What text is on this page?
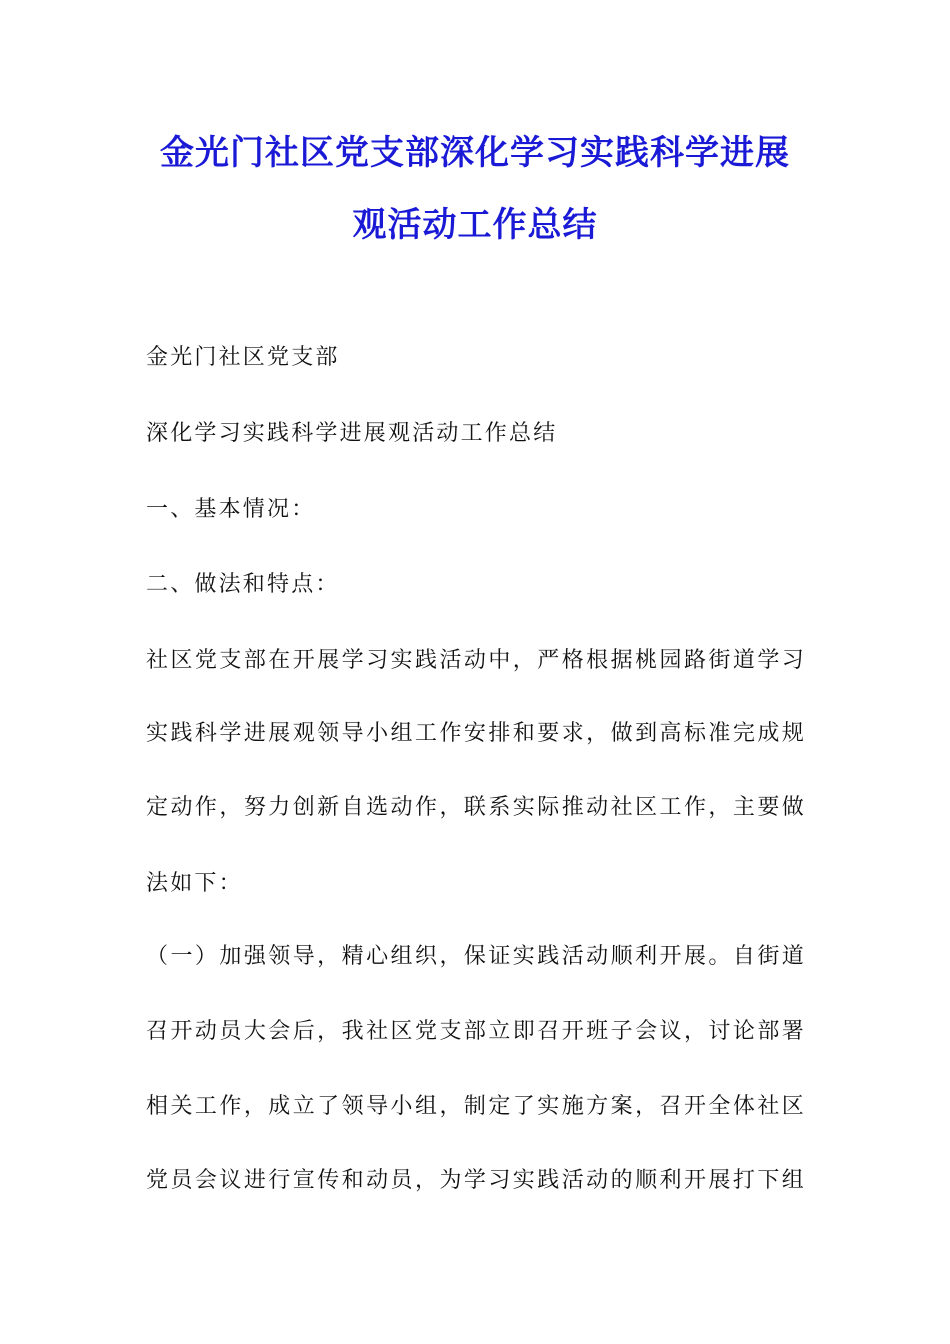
金光门社区党支部深化学习实践科学进展
观活动工作总结
金光门社区党支部
深化学习实践科学进展观活动工作总结
一、基本情况：
二、做法和特点：
社区党支部在开展学习实践活动中，严格根据桃园路街道学习
实践科学进展观领导小组工作安排和要求，做到高标准完成规
定动作，努力创新自选动作，联系实际推动社区工作，主要做
法如下：
（一）加强领导，精心组织，保证实践活动顺利开展。自街道
召开动员大会后，我社区党支部立即召开班子会议，讨论部署
相关工作，成立了领导小组，制定了实施方案，召开全体社区
党员会议进行宣传和动员，为学习实践活动的顺利开展打下组
